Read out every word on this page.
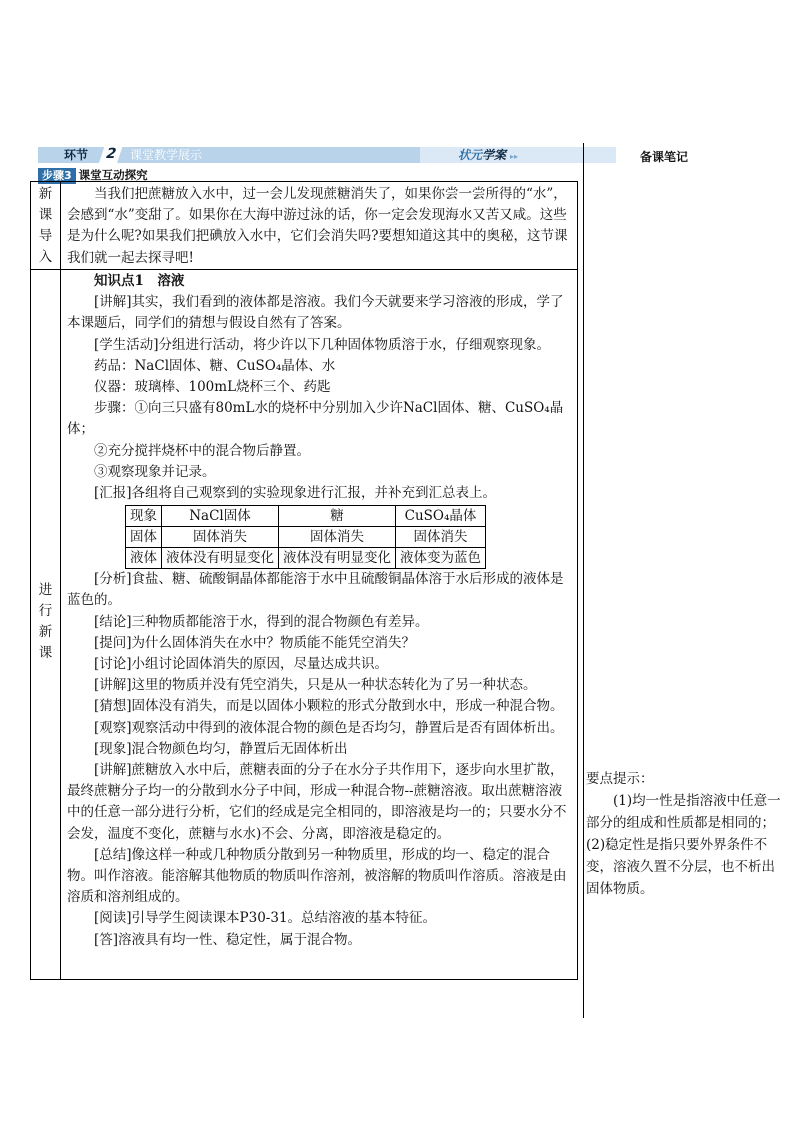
环节	2 课堂教学展示	状元学案 ▸▸	备课笔记
步骤3 课堂互动探究
新
课
导
入

当我们把蔗糖放入水中，过一会儿发现蔗糖消失了，如果你尝一尝所得的“水”，会感到“水”变甜了。如果你在大海中游过泳的话，你一定会发现海水又苦又咸。这些是为什么呢?如果我们把碘放入水中，它们会消失吗?要想知道这其中的奥秘，这节课我们就一起去探寻吧!

进
行
新
课

知识点1　溶液

[讲解]其实，我们看到的液体都是溶液。我们今天就要来学习溶液的形成，学了本课题后，同学们的猜想与假设自然有了答案。

[学生活动]分组进行活动，将少许以下几种固体物质溶于水，仔细观察现象。

药品：NaCl固体、糖、CuSO₄晶体、水

仪器：玻璃棒、100mL烧杯三个、药匙

步骤：①向三只盛有80mL水的烧杯中分别加入少许NaCl固体、糖、CuSO₄晶体；

②充分搅拌烧杯中的混合物后静置。

③观察现象并记录。

[汇报]各组将自己观察到的实验现象进行汇报，并补充到汇总表上。

现象	NaCl固体	糖	CuSO₄晶体
固体	固体消失	固体消失	固体消失
液体	液体没有明显变化	液体没有明显变化	液体变为蓝色

[分析]食盐、糖、硫酸铜晶体都能溶于水中且硫酸铜晶体溶于水后形成的液体是蓝色的。

[结论]三种物质都能溶于水，得到的混合物颜色有差异。

[提问]为什么固体消失在水中？物质能不能凭空消失？

[讨论]小组讨论固体消失的原因，尽量达成共识。

[讲解]这里的物质并没有凭空消失，只是从一种状态转化为了另一种状态。

[猜想]固体没有消失，而是以固体小颗粒的形式分散到水中，形成一种混合物。

[观察]观察活动中得到的液体混合物的颜色是否均匀，静置后是否有固体析出。

[现象]混合物颜色均匀，静置后无固体析出

[讲解]蔗糖放入水中后，蔗糖表面的分子在水分子共作用下，逐步向水里扩散，最终蔗糖分子均一的分散到水分子中间，形成一种混合物--蔗糖溶液。取出蔗糖溶液中的任意一部分进行分析，它们的经成是完全相同的，即溶液是均一的；只要水分不会发，温度不变化，蔗糖与水水)不会、分离，即溶液是稳定的。

[总结]像这样一种或几种物质分散到另一种物质里，形成的均一、稳定的混合物。叫作溶液。能溶解其他物质的物质叫作溶剂，被溶解的物质叫作溶质。溶液是由溶质和溶剂组成的。

[阅读]引导学生阅读课本P30-31。总结溶液的基本特征。

[答]溶液具有均一性、稳定性，属于混合物。

要点提示：

(1)均一性是指溶液中任意一部分的组成和性质都是相同的；(2)稳定性是指只要外界条件不变，溶液久置不分层，也不析出固体物质。
